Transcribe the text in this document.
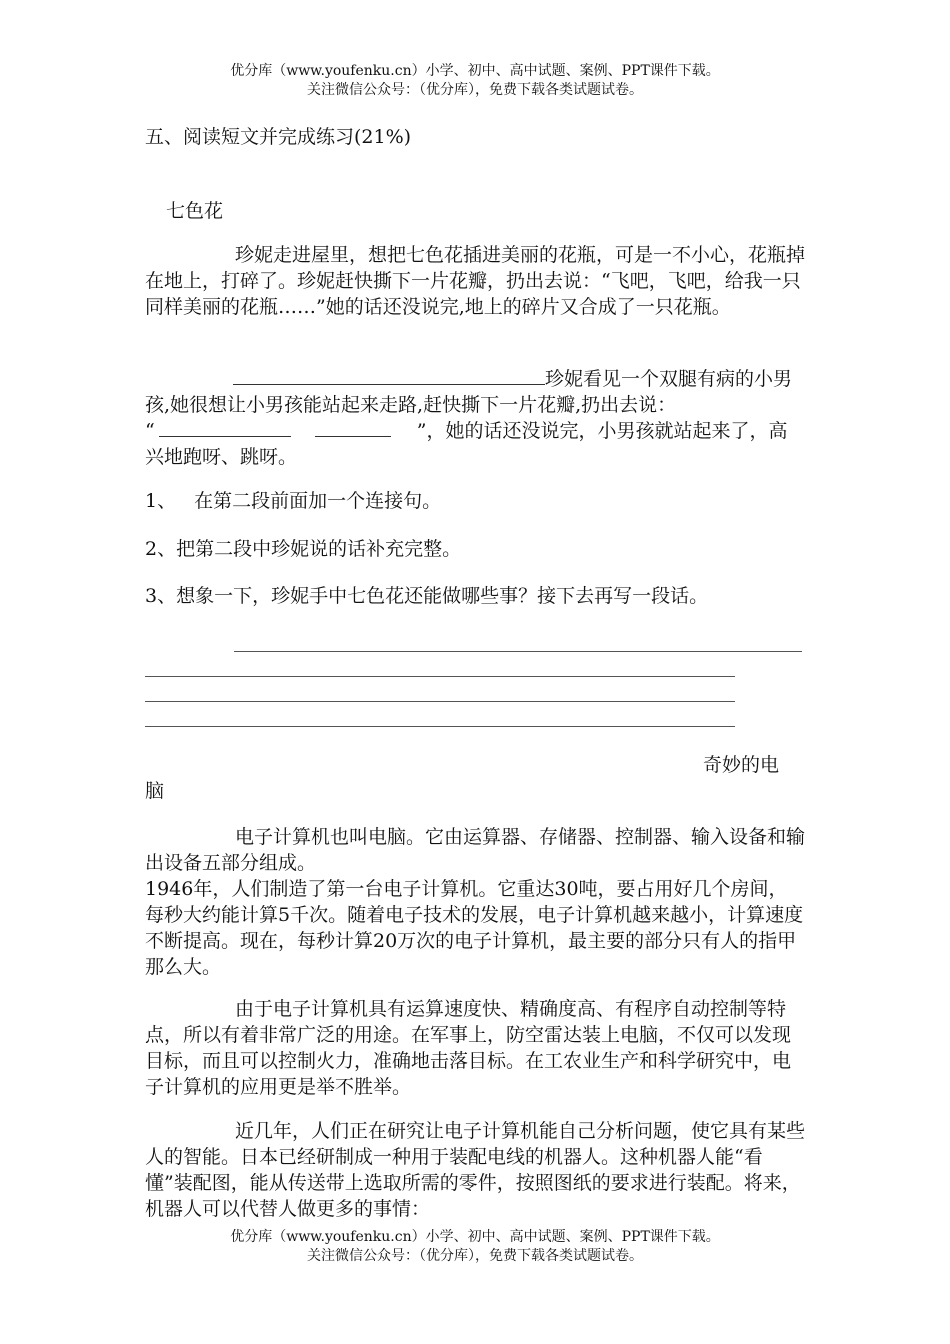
优分库（www.youfenku.cn）小学、初中、高中试题、案例、PPT课件下载。
关注微信公众号：（优分库），免费下载各类试题试卷。
五、阅读短文并完成练习(21%)
七色花
珍妮走进屋里，想把七色花插进美丽的花瓶，可是一不小心，花瓶掉在地上，打碎了。珍妮赶快撕下一片花瓣，扔出去说：“飞吧，飞吧，给我一只同样美丽的花瓶……”她的话还没说完,地上的碎片又合成了一只花瓶。
珍妮看见一个双腿有病的小男孩,她很想让小男孩能站起来走路,赶快撕下一片花瓣,扔出去说：
“	”，她的话还没说完，小男孩就站起来了，高兴地跑呀、跳呀。
1、 在第二段前面加一个连接句。
2、把第二段中珍妮说的话补充完整。
3、想象一下，珍妮手中七色花还能做哪些事？接下去再写一段话。
奇妙的电
脑
电子计算机也叫电脑。它由运算器、存储器、控制器、输入设备和输出设备五部分组成。
1946年，人们制造了第一台电子计算机。它重达30吨，要占用好几个房间，每秒大约能计算5千次。随着电子技术的发展，电子计算机越来越小，计算速度不断提高。现在，每秒计算20万次的电子计算机，最主要的部分只有人的指甲那么大。
由于电子计算机具有运算速度快、精确度高、有程序自动控制等特点，所以有着非常广泛的用途。在军事上，防空雷达装上电脑，不仅可以发现目标，而且可以控制火力，准确地击落目标。在工农业生产和科学研究中，电子计算机的应用更是举不胜举。
近几年，人们正在研究让电子计算机能自己分析问题，使它具有某些人的智能。日本已经研制成一种用于装配电线的机器人。这种机器人能“看懂”装配图，能从传送带上选取所需的零件，按照图纸的要求进行装配。将来，机器人可以代替人做更多的事情：
优分库（www.youfenku.cn）小学、初中、高中试题、案例、PPT课件下载。
关注微信公众号：（优分库），免费下载各类试题试卷。
